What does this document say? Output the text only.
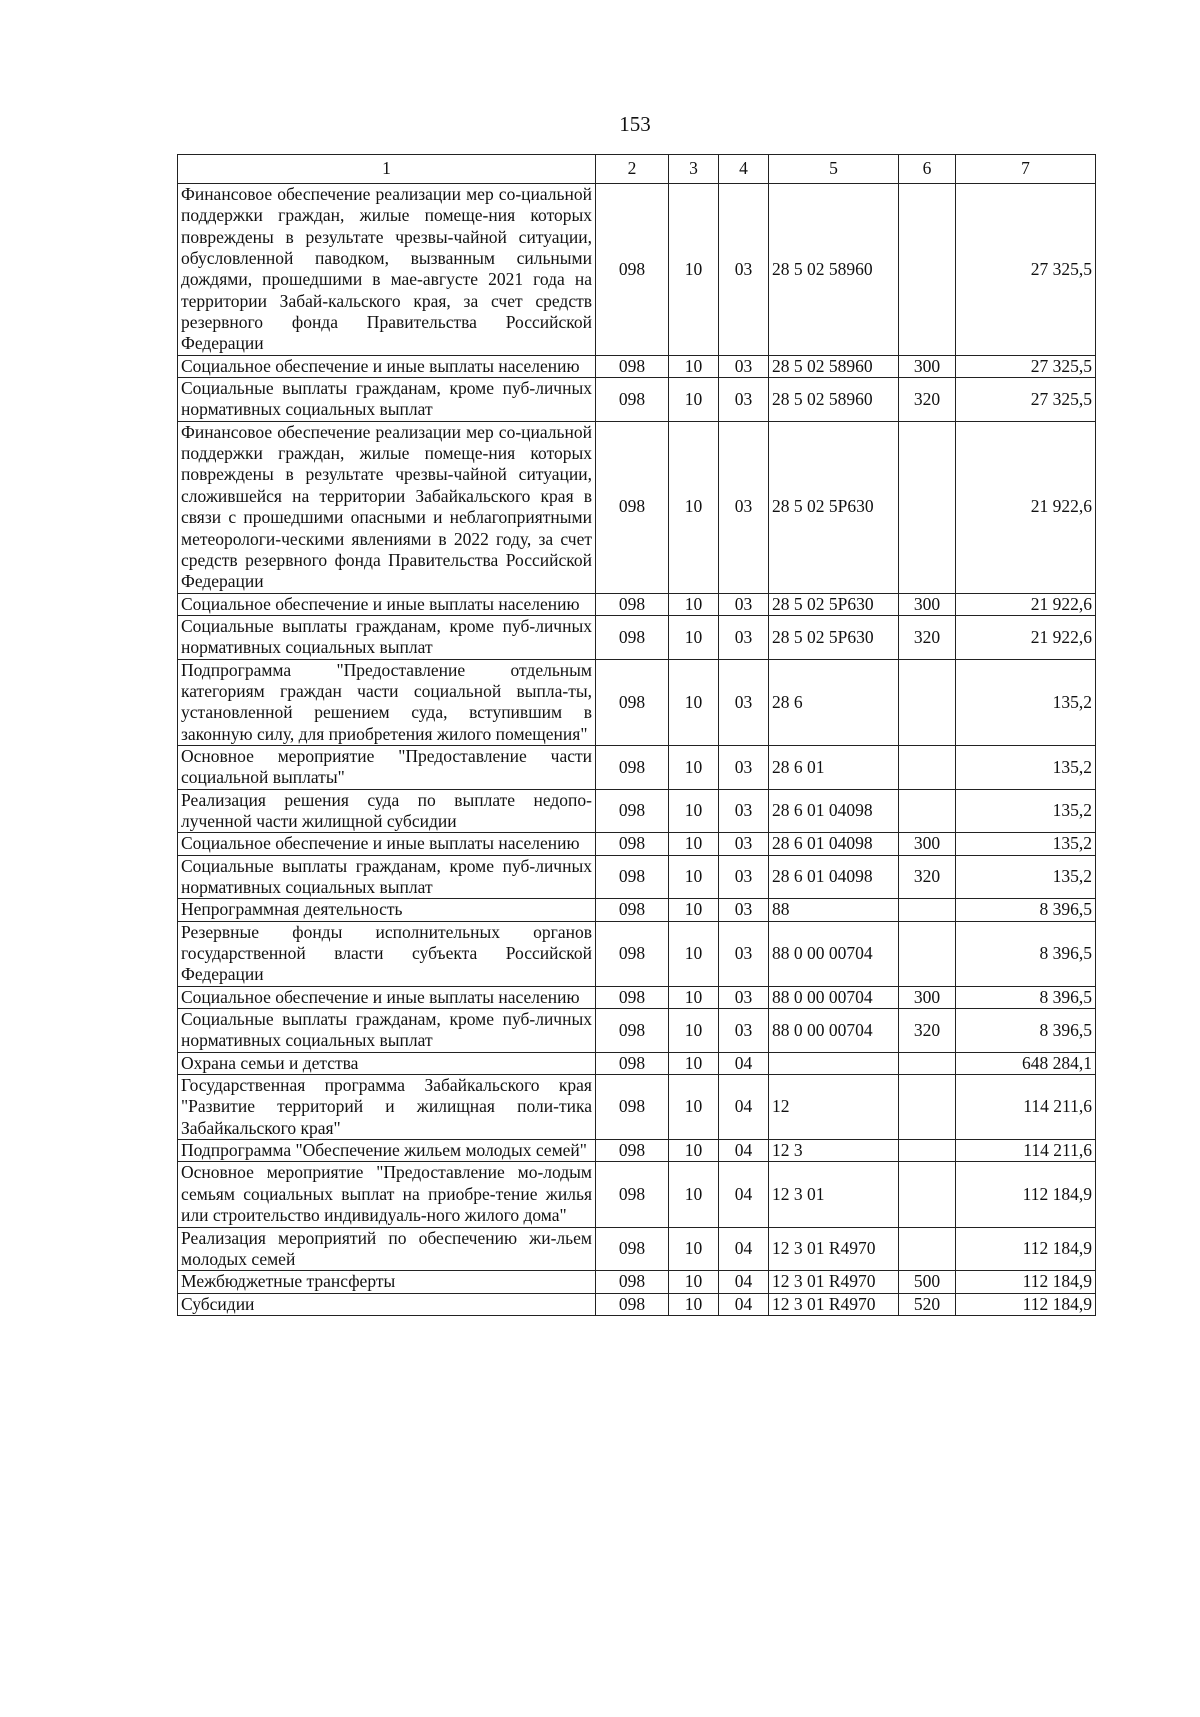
153
1	2	3	4	5	6	7
Финансовое обеспечение реализации мер со-циальной поддержки граждан, жилые помеще-ния которых повреждены в результате чрезвы-чайной ситуации, обусловленной паводком, вызванным сильными дождями, прошедшими в мае-августе 2021 года на территории Забай-кальского края, за счет средств резервного фонда Правительства Российской Федерации	098	10	03	28 5 02 58960		27 325,5
Социальное обеспечение и иные выплаты населению	098	10	03	28 5 02 58960	300	27 325,5
Социальные выплаты гражданам, кроме пуб-личных нормативных социальных выплат	098	10	03	28 5 02 58960	320	27 325,5
Финансовое обеспечение реализации мер со-циальной поддержки граждан, жилые помеще-ния которых повреждены в результате чрезвы-чайной ситуации, сложившейся на территории Забайкальского края в связи с прошедшими опасными и неблагоприятными метеорологи-ческими явлениями в 2022 году, за счет средств резервного фонда Правительства Российской Федерации	098	10	03	28 5 02 5P630		21 922,6
Социальное обеспечение и иные выплаты населению	098	10	03	28 5 02 5P630	300	21 922,6
Социальные выплаты гражданам, кроме пуб-личных нормативных социальных выплат	098	10	03	28 5 02 5P630	320	21 922,6
Подпрограмма "Предоставление отдельным категориям граждан части социальной выпла-ты, установленной решением суда, вступившим в законную силу, для приобретения жилого помещения"	098	10	03	28 6		135,2
Основное мероприятие "Предоставление части социальной выплаты"	098	10	03	28 6 01		135,2
Реализация решения суда по выплате недопо-лученной части жилищной субсидии	098	10	03	28 6 01 04098		135,2
Социальное обеспечение и иные выплаты населению	098	10	03	28 6 01 04098	300	135,2
Социальные выплаты гражданам, кроме пуб-личных нормативных социальных выплат	098	10	03	28 6 01 04098	320	135,2
Непрограммная деятельность	098	10	03	88		8 396,5
Резервные фонды исполнительных органов государственной власти субъекта Российской Федерации	098	10	03	88 0 00 00704		8 396,5
Социальное обеспечение и иные выплаты населению	098	10	03	88 0 00 00704	300	8 396,5
Социальные выплаты гражданам, кроме пуб-личных нормативных социальных выплат	098	10	03	88 0 00 00704	320	8 396,5
Охрана семьи и детства	098	10	04			648 284,1
Государственная программа Забайкальского края "Развитие территорий и жилищная поли-тика Забайкальского края"	098	10	04	12		114 211,6
Подпрограмма "Обеспечение жильем молодых семей"	098	10	04	12 3		114 211,6
Основное мероприятие "Предоставление мо-лодым семьям социальных выплат на приобре-тение жилья или строительство индивидуаль-ного жилого дома"	098	10	04	12 3 01		112 184,9
Реализация мероприятий по обеспечению жи-льем молодых семей	098	10	04	12 3 01 R4970		112 184,9
Межбюджетные трансферты	098	10	04	12 3 01 R4970	500	112 184,9
Субсидии	098	10	04	12 3 01 R4970	520	112 184,9
